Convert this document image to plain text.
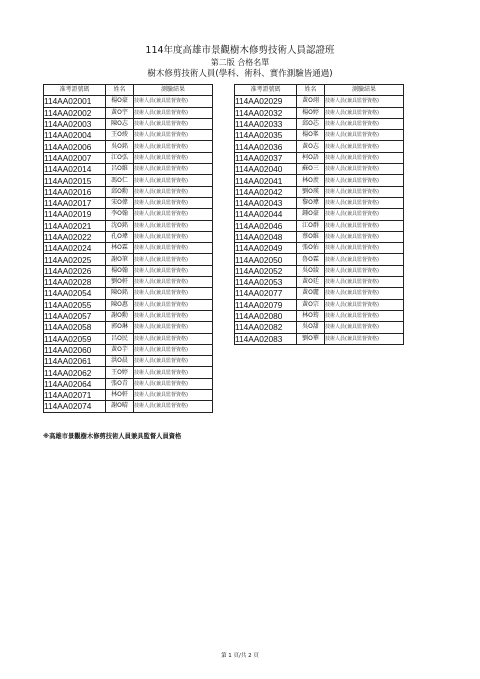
114年度高雄市景觀樹木修剪技術人員認證班
第二版 合格名單
樹木修剪技術人員(學科、術科、實作測驗皆通過)
准考證號碼	姓名	測驗結果
114AA02001	楊O豪	技術人員(兼具監督資格)
114AA02002	黃O宇	技術人員(兼具監督資格)
114AA02003	陳O志	技術人員(兼具監督資格)
114AA02004	王O竣	技術人員(兼具監督資格)
114AA02006	吳O銘	技術人員(兼具監督資格)
114AA02007	江O弘	技術人員(兼具監督資格)
114AA02014	呂O維	技術人員(兼具監督資格)
114AA02015	馮O仁	技術人員(兼具監督資格)
114AA02016	邱O勳	技術人員(兼具監督資格)
114AA02017	宋O偉	技術人員(兼具監督資格)
114AA02019	李O翰	技術人員(兼具監督資格)
114AA02021	沈O銘	技術人員(兼具監督資格)
114AA02022	孔O瑋	技術人員(兼具監督資格)
114AA02024	林O霖	技術人員(兼具監督資格)
114AA02025	謝O筆	技術人員(兼具監督資格)
114AA02026	楊O翰	技術人員(兼具監督資格)
114AA02028	劉O軒	技術人員(兼具監督資格)
114AA02054	陳O銘	技術人員(兼具監督資格)
114AA02055	陳O惠	技術人員(兼具監督資格)
114AA02057	謝O勳	技術人員(兼具監督資格)
114AA02058	郭O琳	技術人員(兼具監督資格)
114AA02059	呂O民	技術人員(兼具監督資格)
114AA02060	黃O芋	技術人員(兼具監督資格)
114AA02061	洪O晨	技術人員(兼具監督資格)
114AA02062	王O婷	技術人員(兼具監督資格)
114AA02064	張O青	技術人員(兼具監督資格)
114AA02071	林O軒	技術人員(兼具監督資格)
114AA02074	謝O晴	技術人員(兼具監督資格)
准考證號碼	姓名	測驗結果
114AA02029	黃O翊	技術人員(兼具監督資格)
114AA02032	楊O婷	技術人員(兼具監督資格)
114AA02033	邱O芯	技術人員(兼具監督資格)
114AA02035	楊O峯	技術人員(兼具監督資格)
114AA02036	黃O志	技術人員(兼具監督資格)
114AA02037	柯O語	技術人員(兼具監督資格)
114AA02040	蘇O三	技術人員(兼具監督資格)
114AA02041	林O羨	技術人員(兼具監督資格)
114AA02042	劉O瑛	技術人員(兼具監督資格)
114AA02043	黎O瑋	技術人員(兼具監督資格)
114AA02044	鍾O豪	技術人員(兼具監督資格)
114AA02046	江O群	技術人員(兼具監督資格)
114AA02048	蔡O維	技術人員(兼具監督資格)
114AA02049	張O佑	技術人員(兼具監督資格)
114AA02050	魯O霖	技術人員(兼具監督資格)
114AA02052	吳O綾	技術人員(兼具監督資格)
114AA02053	黃O廷	技術人員(兼具監督資格)
114AA02077	黃O麗	技術人員(兼具監督資格)
114AA02079	黃O宗	技術人員(兼具監督資格)
114AA02080	林O筠	技術人員(兼具監督資格)
114AA02082	吳O甜	技術人員(兼具監督資格)
114AA02083	劉O華	技術人員(兼具監督資格)
※高雄市景觀樹木修剪技術人員兼具監督人員資格
第 1 頁/共 2 頁
